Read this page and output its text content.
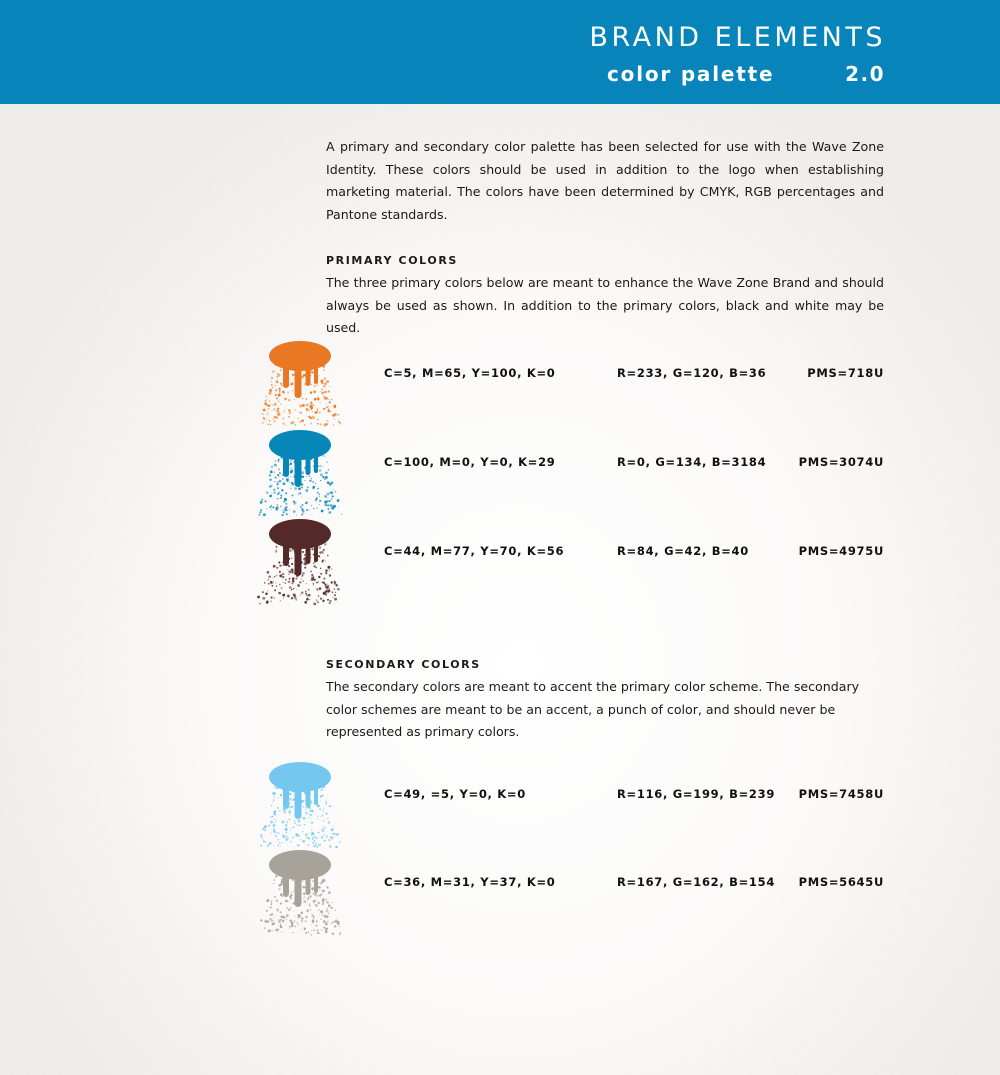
BRAND ELEMENTS
color palette	2.0
A primary and secondary color palette has been selected for use with the Wave Zone Identity. These colors should be used in addition to the logo when establishing marketing material. The colors have been determined by CMYK, RGB percentages and Pantone standards.
PRIMARY COLORS
The three primary colors below are meant to enhance the Wave Zone Brand and should always be used as shown. In addition to the primary colors, black and white may be used.
C=5, M=65, Y=100, K=0	R=233, G=120, B=36	PMS=718U
C=100, M=0, Y=0, K=29	R=0, G=134, B=3184	PMS=3074U
C=44, M=77, Y=70, K=56	R=84, G=42, B=40	PMS=4975U
SECONDARY COLORS
The secondary colors are meant to accent the primary color scheme. The secondary color schemes are meant to be an accent, a punch of color, and should never be represented as primary colors.
C=49, =5, Y=0, K=0	R=116, G=199, B=239 PMS=7458U
C=36, M=31, Y=37, K=0	R=167, G=162, B=154 PMS=5645U
